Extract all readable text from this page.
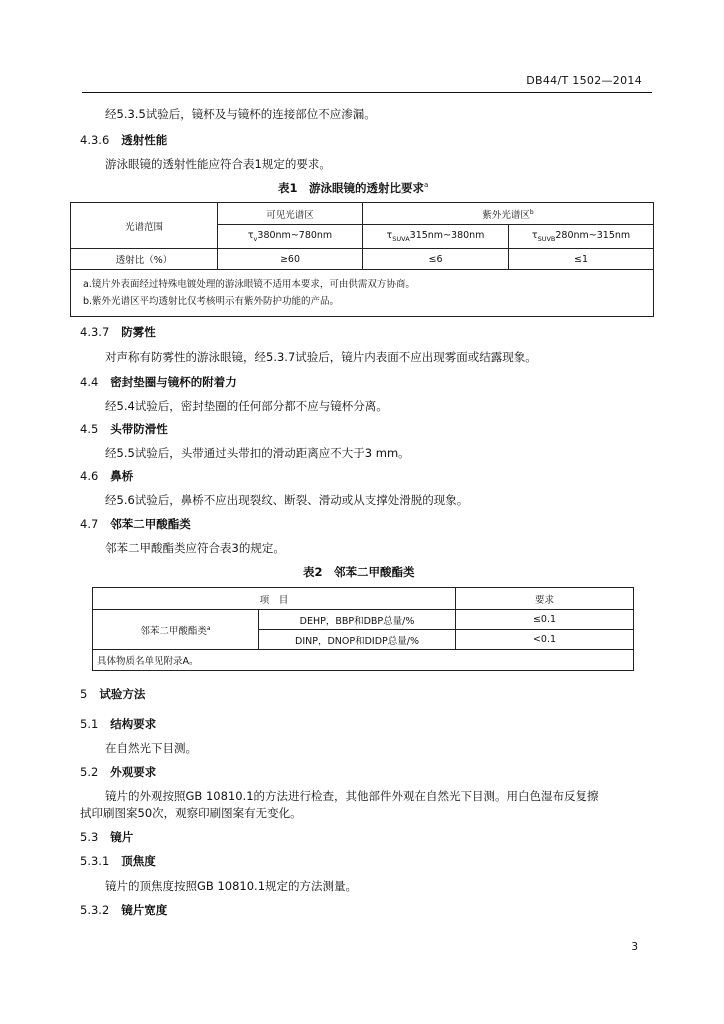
DB44/T 1502—2014
经5.3.5试验后，镜杯及与镜杯的连接部位不应渗漏。
4.3.6 透射性能
游泳眼镜的透射性能应符合表1规定的要求。
表1　游泳眼镜的透射比要求$^a$
光谱范围	可见光谱区	紫外光谱区$^b$
	$\tau_v380nm\sim 780nm$	$\tau_{SUVA}315nm\sim 380nm$	$\tau_{SUVB}280nm\sim 315nm$
透射比（%）	≥60	≤6	≤1

a.镜片外表面经过特殊电镀处理的游泳眼镜不适用本要求，可由供需双方协商。
b.紫外光谱区平均透射比仅考核明示有紫外防护功能的产品。			
4.3.7 防雾性
对声称有防雾性的游泳眼镜，经5.3.7试验后，镜片内表面不应出现雾面或结露现象。
4.4 密封垫圈与镜杯的附着力
经5.4试验后，密封垫圈的任何部分都不应与镜杯分离。
4.5 头带防滑性
经5.5试验后，头带通过头带扣的滑动距离应不大于3 mm。
4.6 鼻桥
经5.6试验后，鼻桥不应出现裂纹、断裂、滑动或从支撑处滑脱的现象。
4.7 邻苯二甲酸酯类
邻苯二甲酸酯类应符合表3的规定。
表2　邻苯二甲酸酯类
项　目		要求
邻苯二甲酸酯类$^a$	DEHP，BBP和DBP总量/%	≤0.1
	DINP，DNOP和DIDP总量/%	<0.1
具体物质名单见附录A。		
5 试验方法
5.1 结构要求
在自然光下目测。
5.2 外观要求
镜片的外观按照GB 10810.1的方法进行检查，其他部件外观在自然光下目测。用白色湿布反复擦
拭印刷图案50次，观察印刷图案有无变化。
5.3 镜片
5.3.1 顶焦度
镜片的顶焦度按照GB 10810.1规定的方法测量。
5.3.2 镜片宽度
3
